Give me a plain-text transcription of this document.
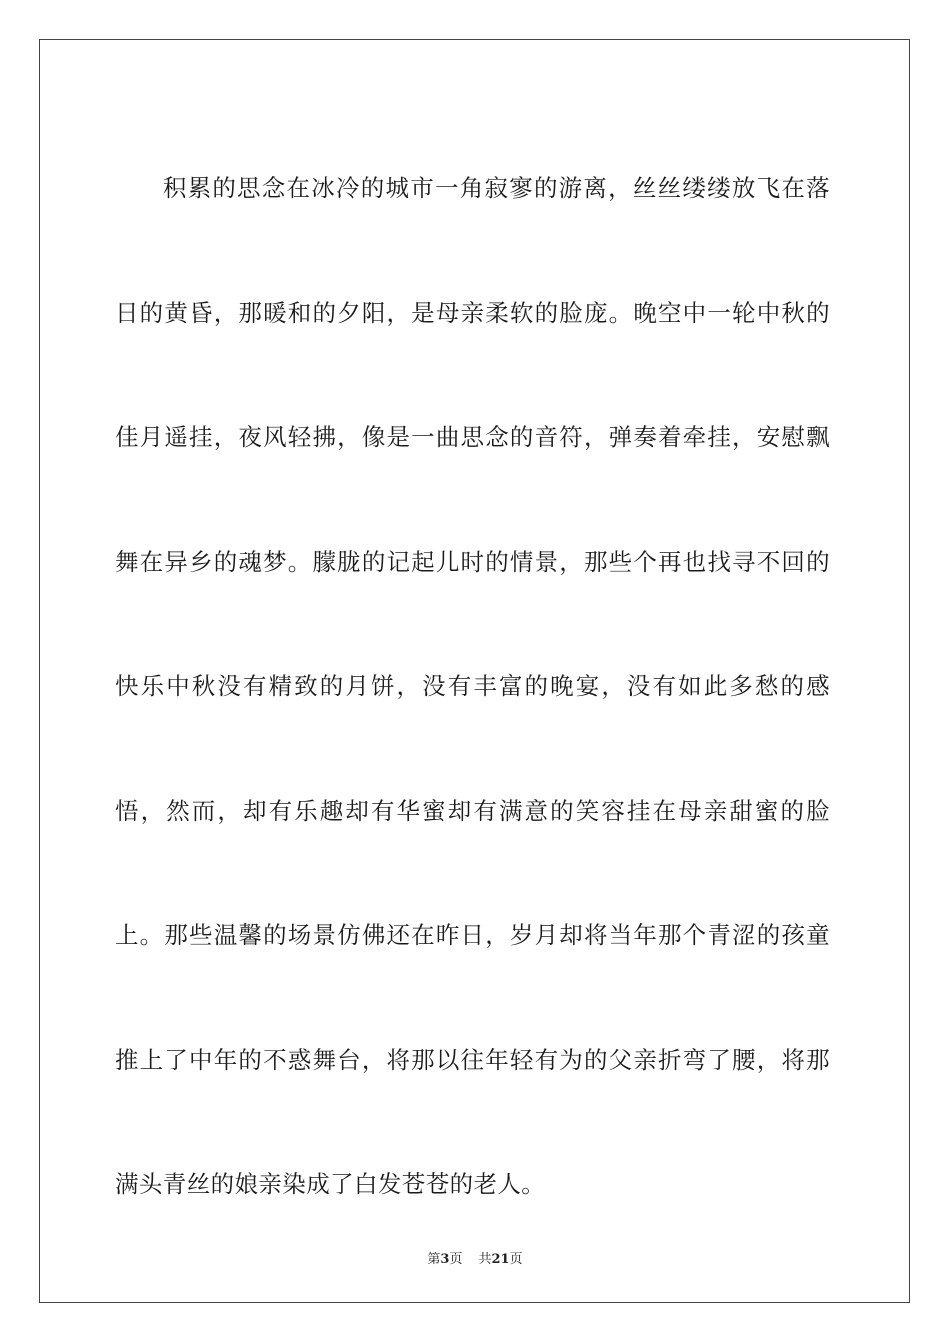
积累的思念在冰冷的城市一角寂寥的游离，丝丝缕缕放飞在落日的黄昏，那暖和的夕阳，是母亲柔软的脸庞。晚空中一轮中秋的佳月遥挂，夜风轻拂，像是一曲思念的音符，弹奏着牵挂，安慰飘舞在异乡的魂梦。朦胧的记起儿时的情景，那些个再也找寻不回的快乐中秋没有精致的月饼，没有丰富的晚宴，没有如此多愁的感悟，然而，却有乐趣却有华蜜却有满意的笑容挂在母亲甜蜜的脸上。那些温馨的场景仿佛还在昨日，岁月却将当年那个青涩的孩童推上了中年的不惑舞台，将那以往年轻有为的父亲折弯了腰，将那满头青丝的娘亲染成了白发苍苍的老人。

第3页 共21页
